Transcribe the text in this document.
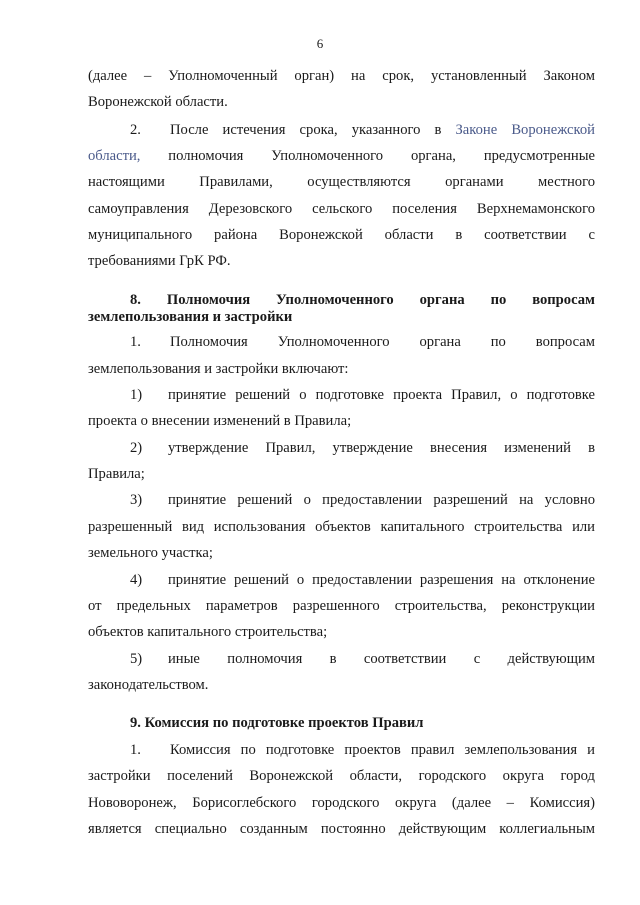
6
(далее – Уполномоченный орган) на срок, установленный Законом
Воронежской области.
2. После истечения срока, указанного в Законе Воронежской
области, полномочия Уполномоченного органа, предусмотренные
настоящими Правилами, осуществляются органами местного
самоуправления Дерезовского сельского поселения Верхнемамонского
муниципального района Воронежской области в соответствии с
требованиями ГрК РФ.
8. Полномочия Уполномоченного органа по вопросам
землепользования и застройки
1. Полномочия Уполномоченного органа по вопросам
землепользования и застройки включают:
1) принятие решений о подготовке проекта Правил, о подготовке
проекта о внесении изменений в Правила;
2) утверждение Правил, утверждение внесения изменений в
Правила;
3) принятие решений о предоставлении разрешений на условно
разрешенный вид использования объектов капитального строительства или
земельного участка;
4) принятие решений о предоставлении разрешения на отклонение
от предельных параметров разрешенного строительства, реконструкции
объектов капитального строительства;
5) иные полномочия в соответствии с действующим
законодательством.
9. Комиссия по подготовке проектов Правил
1. Комиссия по подготовке проектов правил землепользования и
застройки поселений Воронежской области, городского округа город
Нововоронеж, Борисоглебского городского округа (далее – Комиссия)
является специально созданным постоянно действующим коллегиальным
